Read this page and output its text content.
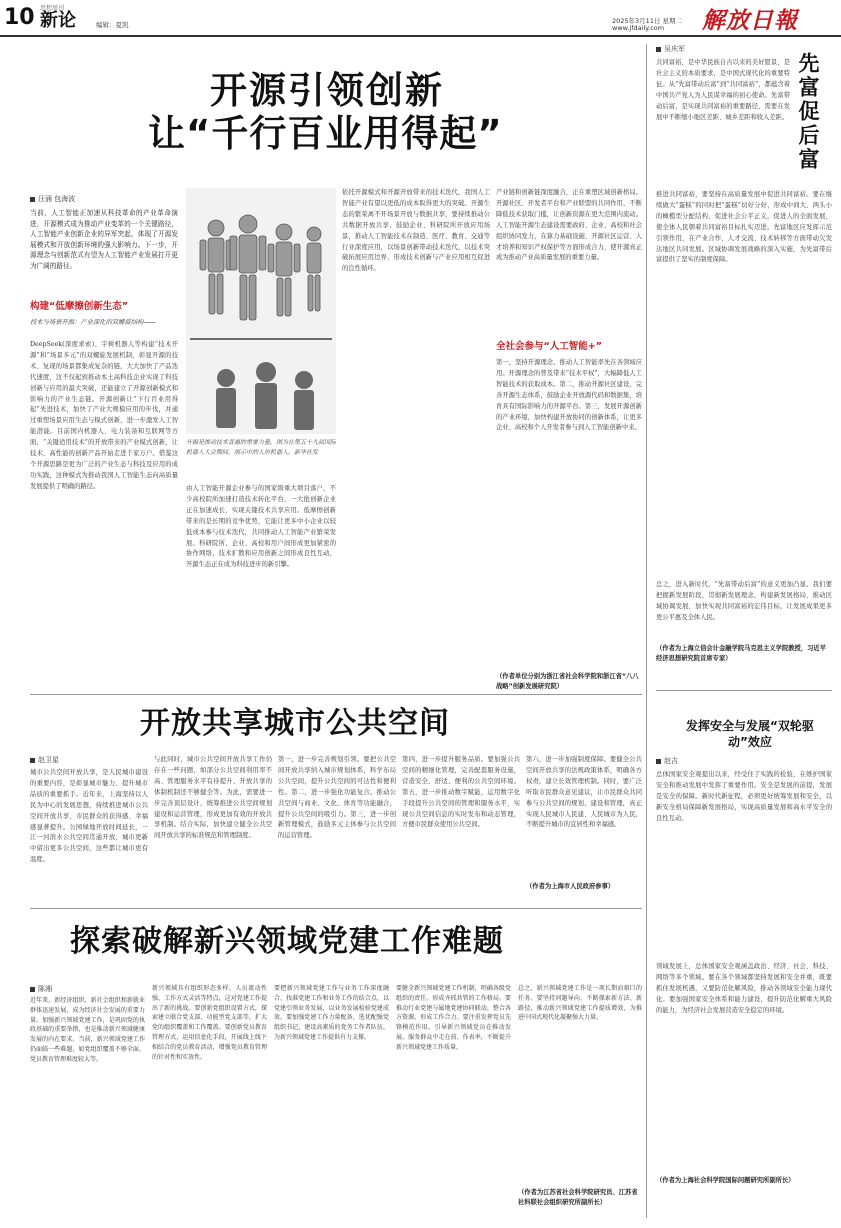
10 思想周刊
新论	编辑：夏凯	2025年3月11日 星期二
www.jfdaily.com 解放日報
开源引领创新
让“千行百业用得起”
汪涌 包海波
当前，人工智能正加速从科技革命的产业革命演进，开源模式成为推动产业变革的一个关键路径，人工智能产业创新企业的异军突起，体现了开源发展模式和开放创新环境的强大影响力。下一步，开源理念与创新范式有望为人工智能产业发展打开更为广阔的路径。
构建“低摩擦创新生态”
技术与场景开源：产业深化的双螺旋结构——
DeepSeek(深度求索)、宇树机器人等构建“技术开源”和“场景多元”的双螺旋发展机制，彰显开源的技术、复现的场景都集成复杂的链，大大加快了产品迭代速度，这不仅起到推动本土高科技企业实现了科技创新与应用的最大突破，还能建立了开源创新模式和影响力的产业生态链。开源创新让“下行百业用得起”先进技术，加快了产业大规模应用的步伐，并通过重塑场景应用生态与模式创新，进一步激发人工智能潜能。目前国内机器人、电力装备和互联网等方面，“关键适用技术”的开放带来的产业模式创新，让技术、高性能的创新产品开始走进千家万户。借鉴这个开源思路是更为广泛的产业生态与科技及应用的成功实践，这种模式为推动我国人工智能生态向高质量发展提供了明确的路径。
开源是推动技术普惠的重要力量。图为在第五十九届国际机器人大会期间，展示中的人形机器人。新华社发
由人工智能开源企业参与的国家级重大项目落户，不少高校院所加速打造技术转化平台，一大批创新企业正在加速成长，实现关键技术共享应用。低摩擦创新带来的是长期的竞争优势，它能让更多中小企业以较低成本参与技术迭代，共同推动人工智能产业繁荣发展。科研院所、企业、高校和用户间形成更加紧密的协作网络，技术扩散和应用创新之间形成良性互动，开源生态正在成为科技进步的新引擎。
依托开源模式和开源开放带来的技术迭代，我国人工智能产业有望以更低的成本取得更大的突破。开源生态的繁荣离不开场景开放与数据共享，要持续推动公共数据开放共享，鼓励企业、科研院所开放应用场景，推动人工智能技术在制造、医疗、教育、交通等行业深度应用，以场景创新带动技术迭代，以技术突破拓展应用边界，形成技术创新与产业应用相互促进的良性循环。
产业链和创新链深度融合，正在重塑区域创新格局。开源社区、开发者平台和产业联盟的共同作用，不断降低技术获取门槛，让创新资源在更大范围内流动。人工智能开源生态建设需要政府、企业、高校和社会组织协同发力，在算力基础设施、开源社区运营、人才培养和知识产权保护等方面形成合力，使开源真正成为推动产业高质量发展的重要力量。
全社会参与“人工智能+”
第一，坚持开源理念，推动人工智能率先在各领域应用。开源理念的普及带来“技术平权”，大幅降低人工智能技术的获取成本。第二，推动开源社区建设，完善开源生态体系，鼓励企业开放源代码和数据集，培育具有国际影响力的开源平台。第三，发展开源创新的产业环境，加快构建开放协同的创新体系，让更多企业、高校和个人开发者参与到人工智能创新中来。
吴庆军
先富促后富
共同富裕，是中华民族自古以来的美好愿景，是社会主义的本质要求，是中国式现代化的重要特征。从“先富带动后富”到“共同富裕”，都蕴含着中国共产党人为人民谋幸福的初心使命。先富带动后富，是实现共同富裕的重要路径，需要在发展中不断缩小地区差距、城乡差距和收入差距。
推进共同富裕，要坚持在高质量发展中促进共同富裕。要在继续做大“蛋糕”的同时把“蛋糕”切好分好，形成中间大、两头小的橄榄型分配结构，促进社会公平正义，促进人的全面发展，使全体人民朝着共同富裕目标扎实迈进。先富地区应发挥示范引领作用，在产业合作、人才交流、技术转移等方面带动欠发达地区共同发展。区域协调发展战略的深入实施，为先富带后富提供了坚实的制度保障。
总之，进入新时代，“先富带动后富”的意义更加凸显。我们要把握新发展阶段，贯彻新发展理念，构建新发展格局，推动区域协调发展，加快实现共同富裕的宏伟目标，让发展成果更多更公平惠及全体人民。
（作者为上海立信会计金融学院马克思主义学院教授，习近平经济思想研究院首席专家）
（作者单位分别为浙江省社会科学院和浙江省“八八战略”创新发展研究院）
开放共享城市公共空间
赵卫星
城市公共空间开放共享，是人民城市建设的重要内容，是彰显城市魅力、提升城市品质的重要抓手。近年来，上海坚持以人民为中心的发展思想，持续推进城市公共空间开放共享，市民群众的获得感、幸福感显著提升。公园绿地开放时间延长，一江一河滨水公共空间贯通开放，城市更新中留出更多公共空间，这些都让城市更有温度。
与此同时，城市公共空间开放共享工作仍存在一些问题，如部分公共空间利用率不高、管理服务水平有待提升、开放共享的体制机制还不够健全等。为此，需要进一步完善顶层设计，统筹推进公共空间规划建设和运营管理，形成更加有效的开放共享机制。结合实际，加快建立健全公共空间开放共享的标准规范和管理制度。
第一，进一步完善规划引领。要把公共空间开放共享纳入城市规划体系，科学布局公共空间，提升公共空间的可达性和便利性。第二，进一步强化功能复合。推动公共空间与商业、文化、体育等功能融合，提升公共空间的吸引力。第三，进一步创新管理模式，鼓励多元主体参与公共空间的运营管理。
第四，进一步提升服务品质。要加强公共空间的精细化管理，完善配套服务设施，营造安全、舒适、便利的公共空间环境。第五，进一步推动数字赋能，运用数字化手段提升公共空间的管理和服务水平，实现公共空间信息的实时发布和动态管理，方便市民群众使用公共空间。
第六，进一步加强制度保障。要健全公共空间开放共享的法规政策体系，明确各方权责，建立长效管理机制。同时，要广泛听取市民群众意见建议，让市民群众共同参与公共空间的规划、建设和管理，真正实现人民城市人民建、人民城市为人民，不断提升城市的宜居性和幸福感。
（作者为上海市人民政府参事）
发挥安全与发展“双轮驱动”效应
赵吉
总体国家安全观提出以来，经受住了实践的检验，在维护国家安全和推动发展中发挥了重要作用。安全是发展的前提，发展是安全的保障。新时代新征程，必须更好统筹发展和安全，以新安全格局保障新发展格局，实现高质量发展和高水平安全的良性互动。
领域发展上，总体国家安全观涵盖政治、经济、社会、科技、网络等多个领域。要在各个领域都坚持发展和安全并重，既要抓住发展机遇，又要防范化解风险，推动各领域安全能力现代化。要加强国家安全体系和能力建设，提升防范化解重大风险的能力，为经济社会发展营造安全稳定的环境。
（作者为上海社会科学院国际问题研究所副所长）
探索破解新兴领域党建工作难题
陈湘
近年来，新经济组织、新社会组织和新就业群体迅速发展，成为经济社会发展的重要力量。加强新兴领域党建工作，是巩固党的执政基础的重要举措，也是推动新兴领域健康发展的内在要求。当前，新兴领域党建工作仍面临一些难题，如党组织覆盖不够全面、党员教育管理难度较大等。
新兴领域具有组织形态多样、人员流动性强、工作方式灵活等特点，这对党建工作提出了新的挑战。要创新党组织设置方式，探索建立联合党支部、功能型党支部等，扩大党的组织覆盖和工作覆盖。要创新党员教育管理方式，运用信息化手段，开展线上线下相结合的党员教育活动，增强党员教育管理的针对性和实效性。
要把新兴领域党建工作与业务工作深度融合，找准党建工作和业务工作的结合点，以党建引领业务发展，以业务发展检验党建成效。要加强党建工作力量配备，选优配强党组织书记，建设高素质的党务工作者队伍，为新兴领域党建工作提供有力支撑。
要健全新兴领域党建工作机制，明确各级党组织的责任，形成齐抓共管的工作格局。要推动行业党建与属地党建协同联动，整合各方资源，形成工作合力。要注重发挥党员先锋模范作用，引导新兴领域党员在推动发展、服务群众中走在前、作表率，不断提升新兴领域党建工作质量。
总之，新兴领域党建工作是一项长期而艰巨的任务。要坚持问题导向，不断探索新方法、新路径，推动新兴领域党建工作提质增效，为推进中国式现代化凝聚强大力量。
（作者为江苏省社会科学院研究员、江苏省社科联社会组织研究所副所长）
